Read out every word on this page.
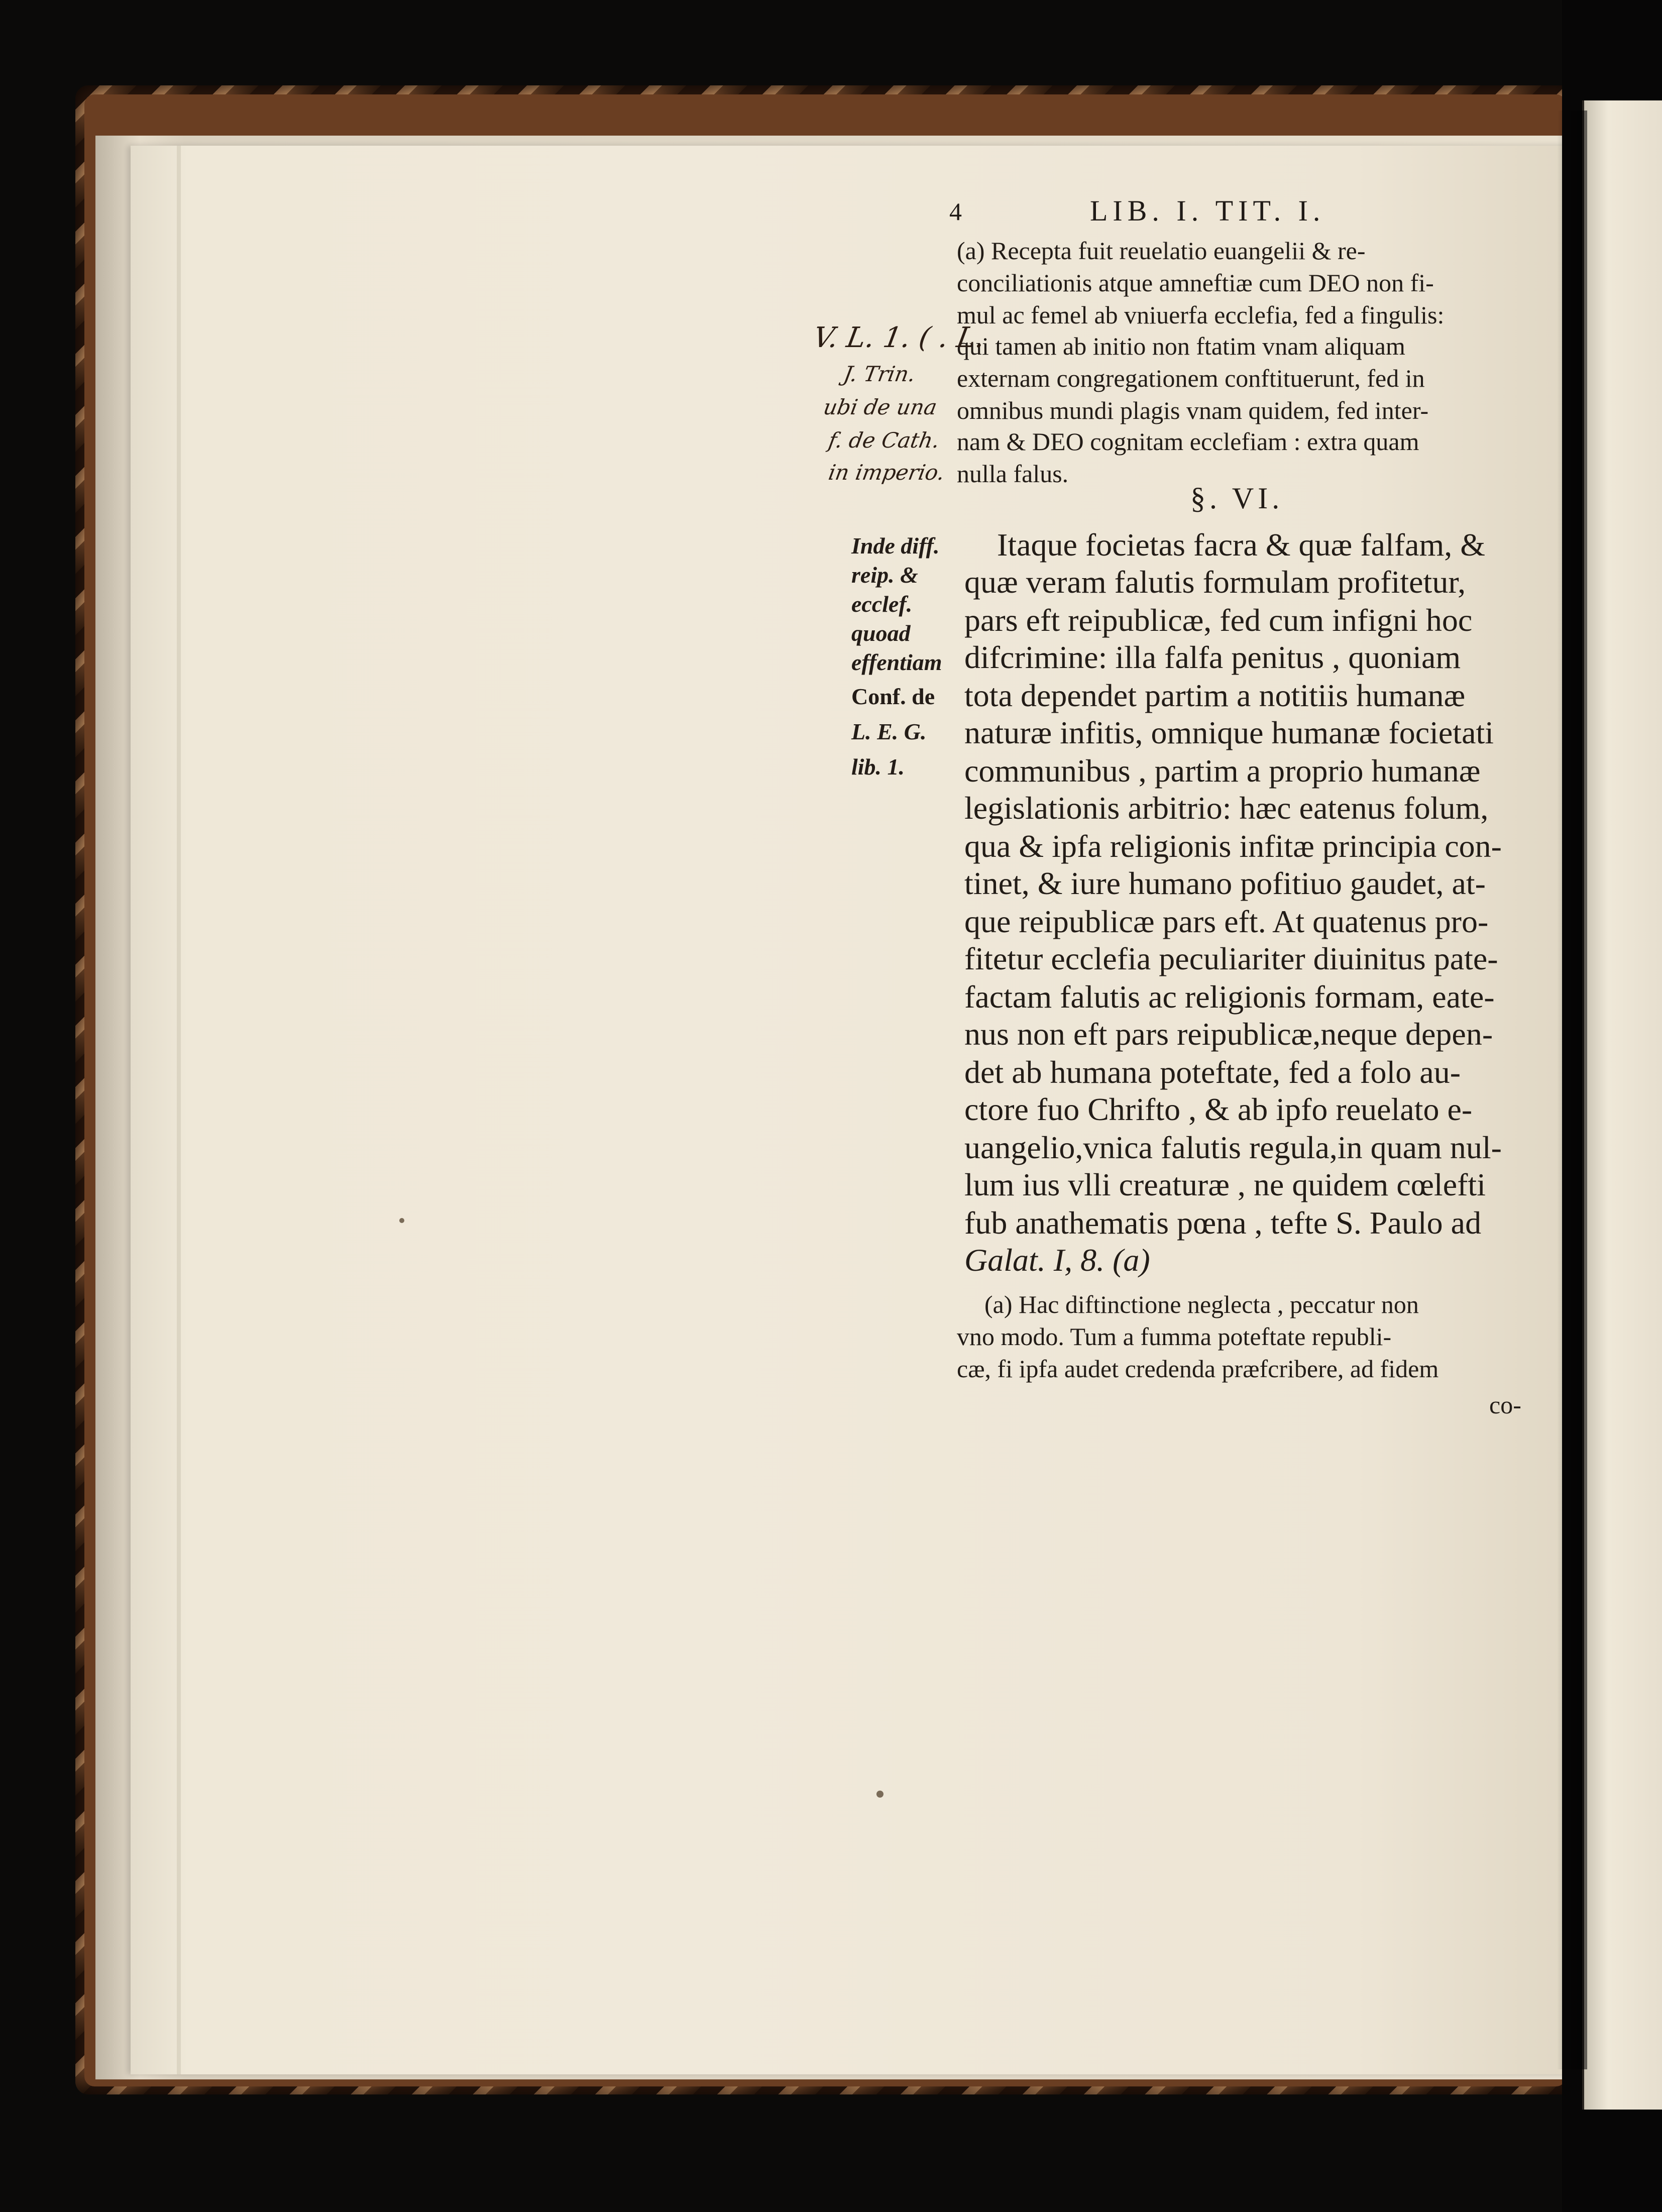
4	LIB. I. TIT. I.
(a) Recepta fuit reuelatio euangelii & re-
conciliationis atque amneftiæ cum DEO non fi-
mul ac femel ab vniuerfa ecclefia, fed a fingulis:
qui tamen ab initio non ftatim vnam aliquam
externam congregationem conftituerunt, fed in
omnibus mundi plagis vnam quidem, fed inter-
nam & DEO cognitam ecclefiam : extra quam
nulla falus.
V. L. 1. ( . L.
J. Trin.
ubi de una
f. de Cath.
in imperio.
§. VI.
Inde diff.
reip. &
ecclef.
quoad
effentiam
Conf. de
L. E. G.
lib. 1.
Itaque focietas facra & quæ falfam, &
quæ veram falutis formulam profitetur,
pars eft reipublicæ, fed cum infigni hoc
difcrimine: illa falfa penitus , quoniam
tota dependet partim a notitiis humanæ
naturæ infitis, omnique humanæ focietati
communibus , partim a proprio humanæ
legislationis arbitrio: hæc eatenus folum,
qua & ipfa religionis infitæ principia con-
tinet, & iure humano pofitiuo gaudet, at-
que reipublicæ pars eft. At quatenus pro-
fitetur ecclefia peculiariter diuinitus pate-
factam falutis ac religionis formam, eate-
nus non eft pars reipublicæ,neque depen-
det ab humana poteftate, fed a folo au-
ctore fuo Chrifto , & ab ipfo reuelato e-
uangelio,vnica falutis regula,in quam nul-
lum ius vlli creaturæ , ne quidem cœlefti
fub anathematis pœna , tefte S. Paulo ad
Galat. I, 8. (a)
(a) Hac diftinctione neglecta , peccatur non
vno modo. Tum a fumma poteftate republi-
cæ, fi ipfa audet credenda præfcribere, ad fidem
co-
